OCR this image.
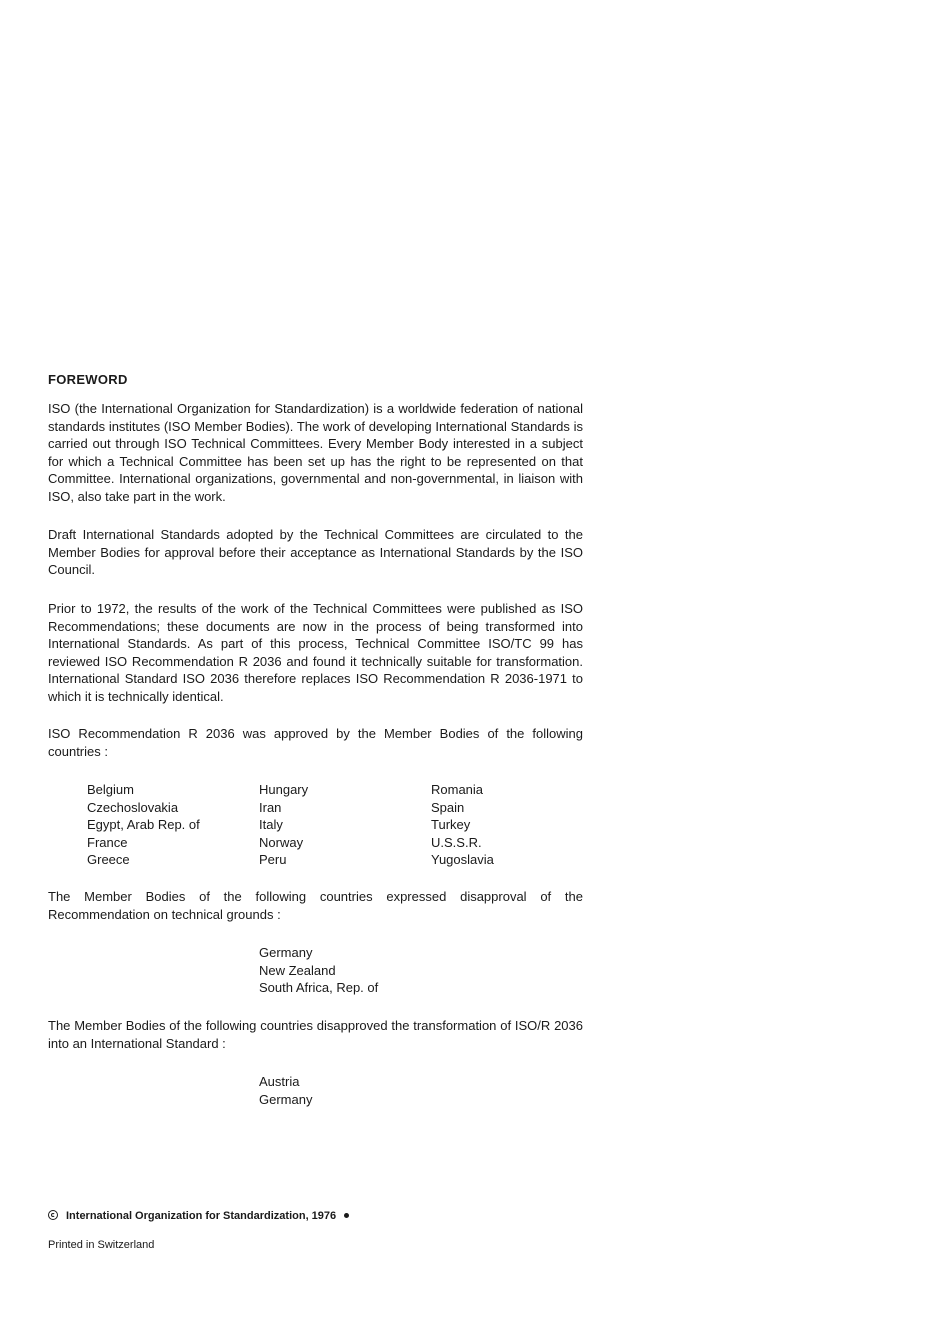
FOREWORD

ISO (the International Organization for Standardization) is a worldwide federation of national standards institutes (ISO Member Bodies). The work of developing International Standards is carried out through ISO Technical Committees. Every Member Body interested in a subject for which a Technical Committee has been set up has the right to be represented on that Committee. International organizations, governmental and non-governmental, in liaison with ISO, also take part in the work.

Draft International Standards adopted by the Technical Committees are circulated to the Member Bodies for approval before their acceptance as International Standards by the ISO Council.

Prior to 1972, the results of the work of the Technical Committees were published as ISO Recommendations; these documents are now in the process of being transformed into International Standards. As part of this process, Technical Committee ISO/TC 99 has reviewed ISO Recommendation R 2036 and found it technically suitable for transformation. International Standard ISO 2036 therefore replaces ISO Recommendation R 2036-1971 to which it is technically identical.

ISO Recommendation R 2036 was approved by the Member Bodies of the following countries :

Belgium
Czechoslovakia
Egypt, Arab Rep. of
France
Greece
Hungary
Iran
Italy
Norway
Peru
Romania
Spain
Turkey
U.S.S.R.
Yugoslavia

The Member Bodies of the following countries expressed disapproval of the Recommendation on technical grounds :

Germany
New Zealand
South Africa, Rep. of

The Member Bodies of the following countries disapproved the transformation of ISO/R 2036 into an International Standard :

Austria
Germany
International Organization for Standardization, 1976
Printed in Switzerland
